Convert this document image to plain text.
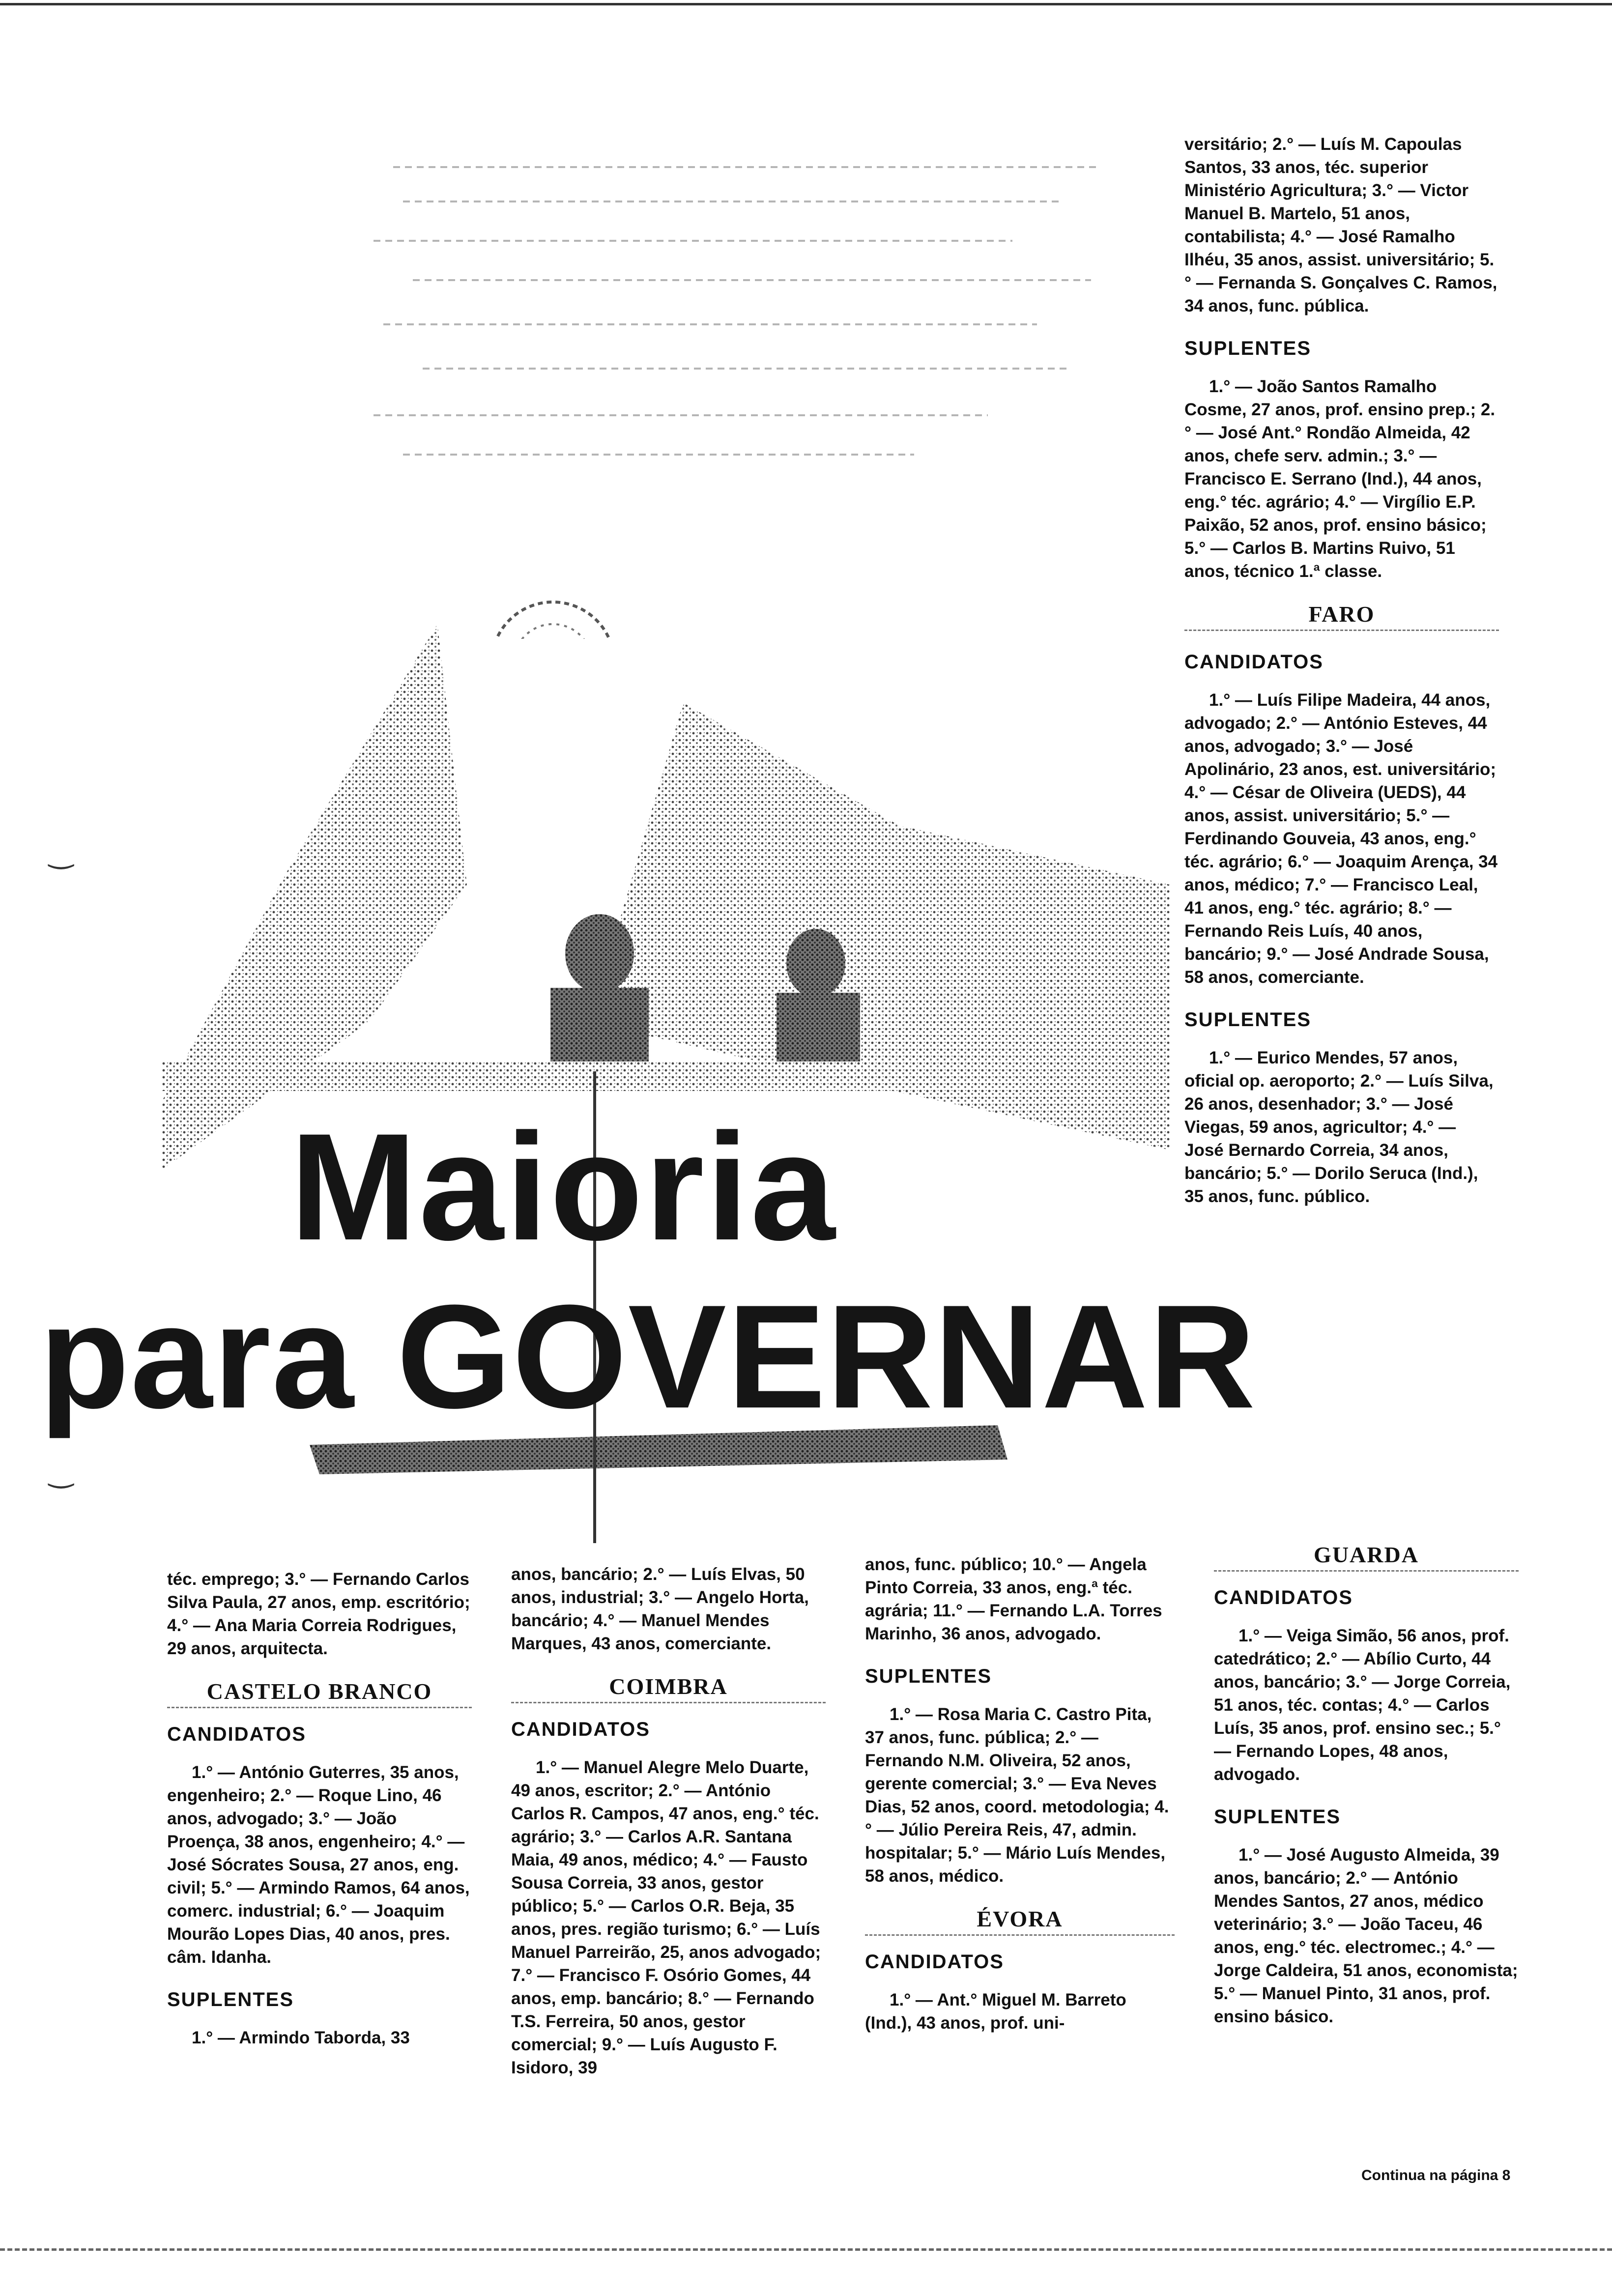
versitário; 2.° — Luís M. Capoulas Santos, 33 anos, téc. superior Ministério Agricultura; 3.° — Victor Manuel B. Martelo, 51 anos, contabilista; 4.° — José Ramalho Ilhéu, 35 anos, assist. universitário; 5.° — Fernanda S. Gonçalves C. Ramos, 34 anos, func. pública.

SUPLENTES

1.° — João Santos Ramalho Cosme, 27 anos, prof. ensino prep.; 2.° — José Ant.° Rondão Almeida, 42 anos, chefe serv. admin.; 3.° — Francisco E. Serrano (Ind.), 44 anos, eng.° téc. agrário; 4.° — Virgílio E.P. Paixão, 52 anos, prof. ensino básico; 5.° — Carlos B. Martins Ruivo, 51 anos, técnico 1.ª classe.

FARO
CANDIDATOS

1.° — Luís Filipe Madeira, 44 anos, advogado; 2.° — António Esteves, 44 anos, advogado; 3.° — José Apolinário, 23 anos, est. universitário; 4.° — César de Oliveira (UEDS), 44 anos, assist. universitário; 5.° — Ferdinando Gouveia, 43 anos, eng.° téc. agrário; 6.° — Joaquim Arença, 34 anos, médico; 7.° — Francisco Leal, 41 anos, eng.° téc. agrário; 8.° — Fernando Reis Luís, 40 anos, bancário; 9.° — José Andrade Sousa, 58 anos, comerciante.

SUPLENTES

1.° — Eurico Mendes, 57 anos, oficial op. aeroporto; 2.° — Luís Silva, 26 anos, desenhador; 3.° — José Viegas, 59 anos, agricultor; 4.° — José Bernardo Correia, 34 anos, bancário; 5.° — Dorilo Seruca (Ind.), 35 anos, func. público.

Maioria
para GOVERNAR

téc. emprego; 3.° — Fernando Carlos Silva Paula, 27 anos, emp. escritório; 4.° — Ana Maria Correia Rodrigues, 29 anos, arquitecta.

CASTELO BRANCO
CANDIDATOS

1.° — António Guterres, 35 anos, engenheiro; 2.° — Roque Lino, 46 anos, advogado; 3.° — João Proença, 38 anos, engenheiro; 4.° — José Sócrates Sousa, 27 anos, eng. civil; 5.° — Armindo Ramos, 64 anos, comerc. industrial; 6.° — Joaquim Mourão Lopes Dias, 40 anos, pres. câm. Idanha.

SUPLENTES

1.° — Armindo Taborda, 33

anos, bancário; 2.° — Luís Elvas, 50 anos, industrial; 3.° — Angelo Horta, bancário; 4.° — Manuel Mendes Marques, 43 anos, comerciante.

COIMBRA
CANDIDATOS

1.° — Manuel Alegre Melo Duarte, 49 anos, escritor; 2.° — António Carlos R. Campos, 47 anos, eng.° téc. agrário; 3.° — Carlos A.R. Santana Maia, 49 anos, médico; 4.° — Fausto Sousa Correia, 33 anos, gestor público; 5.° — Carlos O.R. Beja, 35 anos, pres. região turismo; 6.° — Luís Manuel Parreirão, 25, anos advogado; 7.° — Francisco F. Osório Gomes, 44 anos, emp. bancário; 8.° — Fernando T.S. Ferreira, 50 anos, gestor comercial; 9.° — Luís Augusto F. Isidoro, 39

anos, func. público; 10.° — Angela Pinto Correia, 33 anos, eng.ª téc. agrária; 11.° — Fernando L.A. Torres Marinho, 36 anos, advogado.

SUPLENTES

1.° — Rosa Maria C. Castro Pita, 37 anos, func. pública; 2.° — Fernando N.M. Oliveira, 52 anos, gerente comercial; 3.° — Eva Neves Dias, 52 anos, coord. metodologia; 4.° — Júlio Pereira Reis, 47, admin. hospitalar; 5.° — Mário Luís Mendes, 58 anos, médico.

ÉVORA
CANDIDATOS

1.° — Ant.° Miguel M. Barreto (Ind.), 43 anos, prof. uni-

GUARDA
CANDIDATOS

1.° — Veiga Simão, 56 anos, prof. catedrático; 2.° — Abílio Curto, 44 anos, bancário; 3.° — Jorge Correia, 51 anos, téc. contas; 4.° — Carlos Luís, 35 anos, prof. ensino sec.; 5.° — Fernando Lopes, 48 anos, advogado.

SUPLENTES

1.° — José Augusto Almeida, 39 anos, bancário; 2.° — António Mendes Santos, 27 anos, médico veterinário; 3.° — João Taceu, 46 anos, eng.° téc. electromec.; 4.° — Jorge Caldeira, 51 anos, economista; 5.° — Manuel Pinto, 31 anos, prof. ensino básico.

Continua na página 8
‿
‿
